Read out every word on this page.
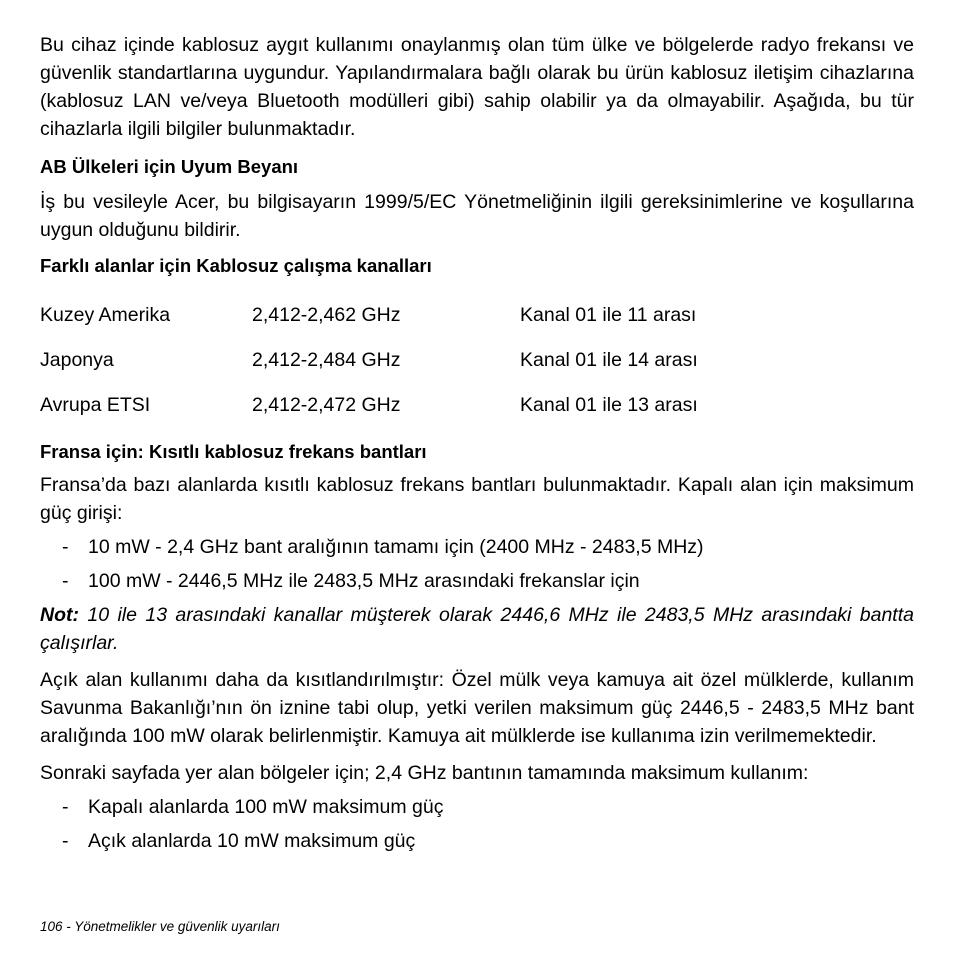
Bu cihaz içinde kablosuz aygıt kullanımı onaylanmış olan tüm ülke ve bölgelerde radyo frekansı ve güvenlik standartlarına uygundur. Yapılandırmalara bağlı olarak bu ürün kablosuz iletişim cihazlarına (kablosuz LAN ve/veya Bluetooth modülleri gibi) sahip olabilir ya da olmayabilir. Aşağıda, bu tür cihazlarla ilgili bilgiler bulunmaktadır.

AB Ülkeleri için Uyum Beyanı

İş bu vesileyle Acer, bu bilgisayarın 1999/5/EC Yönetmeliğinin ilgili gereksinimlerine ve koşullarına uygun olduğunu bildirir.

Farklı alanlar için Kablosuz çalışma kanalları
Kuzey Amerika	2,412-2,462 GHz	Kanal 01 ile 11 arası
Japonya	2,412-2,484 GHz	Kanal 01 ile 14 arası
Avrupa ETSI	2,412-2,472 GHz	Kanal 01 ile 13 arası
Fransa için: Kısıtlı kablosuz frekans bantları

Fransa’da bazı alanlarda kısıtlı kablosuz frekans bantları bulunmaktadır. Kapalı alan için maksimum güç girişi:

- 10 mW - 2,4 GHz bant aralığının tamamı için (2400 MHz - 2483,5 MHz)
- 100 mW - 2446,5 MHz ile 2483,5 MHz arasındaki frekanslar için

Not: 10 ile 13 arasındaki kanallar müşterek olarak 2446,6 MHz ile 2483,5 MHz arasındaki bantta çalışırlar.

Açık alan kullanımı daha da kısıtlandırılmıştır: Özel mülk veya kamuya ait özel mülklerde, kullanım Savunma Bakanlığı’nın ön iznine tabi olup, yetki verilen maksimum güç 2446,5 - 2483,5 MHz bant aralığında 100 mW olarak belirlenmiştir. Kamuya ait mülklerde ise kullanıma izin verilmemektedir.

Sonraki sayfada yer alan bölgeler için; 2,4 GHz bantının tamamında maksimum kullanım:

- Kapalı alanlarda 100 mW maksimum güç
- Açık alanlarda 10 mW maksimum güç
106 - Yönetmelikler ve güvenlik uyarıları
